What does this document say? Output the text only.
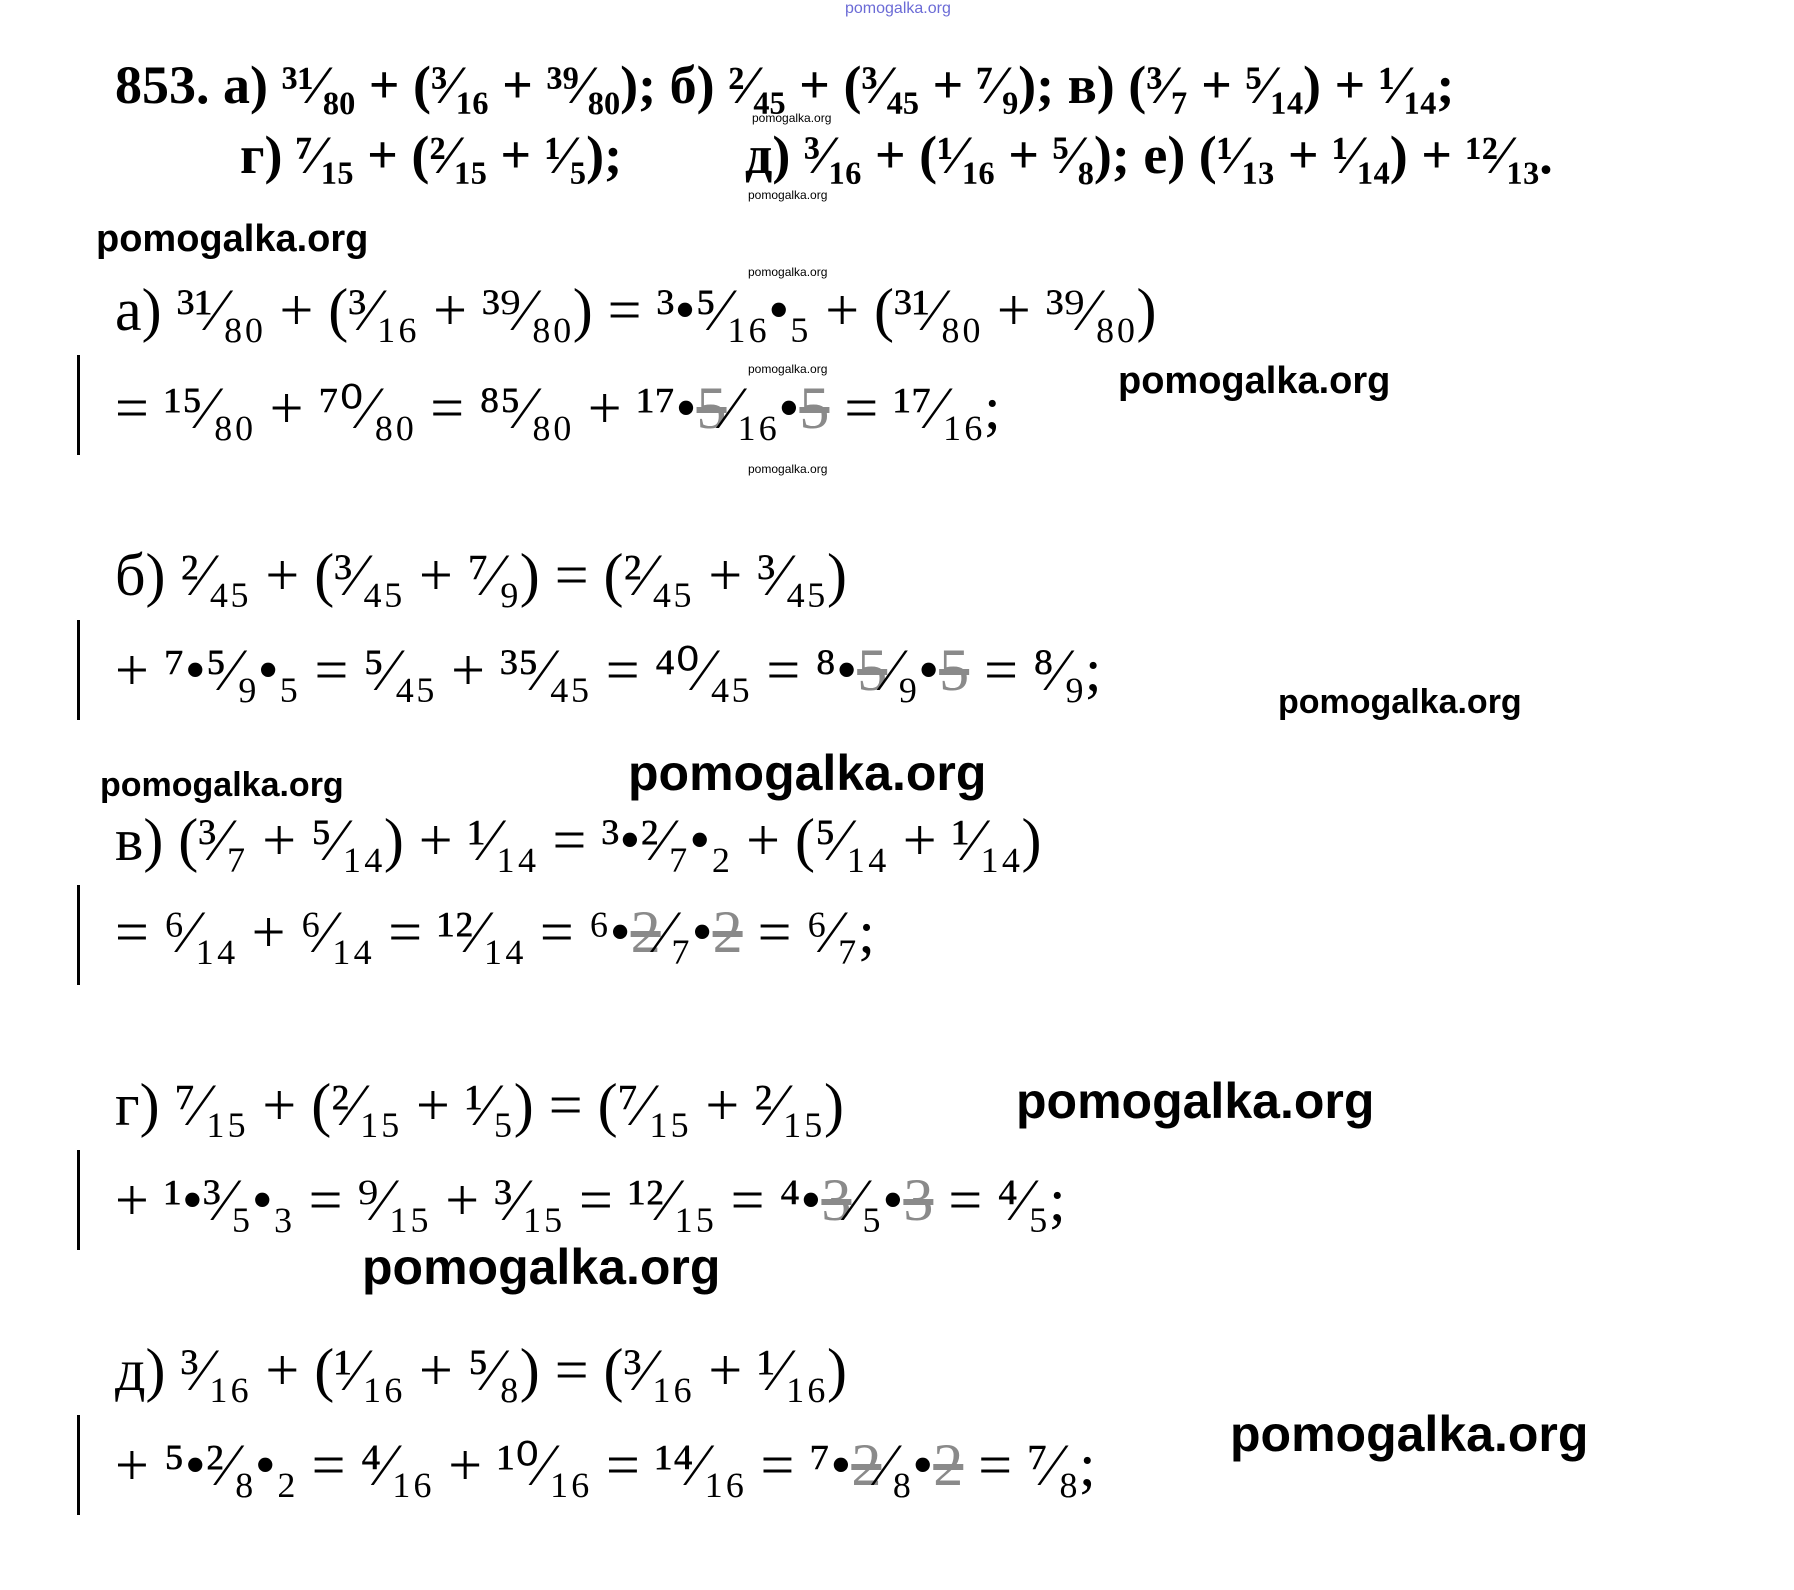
pomogalka.org
853. а) ³¹⁄₈₀ + (³⁄₁₆ + ³⁹⁄₈₀); б) ²⁄₄₅ + (³⁄₄₅ + ⁷⁄₉); в) (³⁄₇ + ⁵⁄₁₄) + ¹⁄₁₄;
г) ⁷⁄₁₅ + (²⁄₁₅ + ¹⁄₅); д) ³⁄₁₆ + (¹⁄₁₆ + ⁵⁄₈); е) (¹⁄₁₃ + ¹⁄₁₄) + ¹²⁄₁₃.
pomogalka.org
pomogalka.org
pomogalka.org
pomogalka.org
а) ³¹⁄₈₀ + (³⁄₁₆ + ³⁹⁄₈₀) = ³•⁵⁄₁₆•₅ + (³¹⁄₈₀ + ³⁹⁄₈₀)
pomogalka.org
= ¹⁵⁄₈₀ + ⁷⁰⁄₈₀ = ⁸⁵⁄₈₀ + ¹⁷•5⁄₁₆•5 = ¹⁷⁄₁₆;	pomogalka.org
pomogalka.org
б) ²⁄₄₅ + (³⁄₄₅ + ⁷⁄₉) = (²⁄₄₅ + ³⁄₄₅)
+ ⁷•⁵⁄₉•₅ = ⁵⁄₄₅ + ³⁵⁄₄₅ = ⁴⁰⁄₄₅ = ⁸•5⁄₉•5 = ⁸⁄₉;	pomogalka.org
pomogalka.org	pomogalka.org
в) (³⁄₇ + ⁵⁄₁₄) + ¹⁄₁₄ = ³•²⁄₇•₂ + (⁵⁄₁₄ + ¹⁄₁₄)
= ⁶⁄₁₄ + ⁶⁄₁₄ = ¹²⁄₁₄ = ⁶•2⁄₇•2 = ⁶⁄₇;
г) ⁷⁄₁₅ + (²⁄₁₅ + ¹⁄₅) = (⁷⁄₁₅ + ²⁄₁₅)	pomogalka.org
+ ¹•³⁄₅•₃ = ⁹⁄₁₅ + ³⁄₁₅ = ¹²⁄₁₅ = ⁴•3⁄₅•3 = ⁴⁄₅;
pomogalka.org
д) ³⁄₁₆ + (¹⁄₁₆ + ⁵⁄₈) = (³⁄₁₆ + ¹⁄₁₆)
+ ⁵•²⁄₈•₂ = ⁴⁄₁₆ + ¹⁰⁄₁₆ = ¹⁴⁄₁₆ = ⁷•2⁄₈•2 = ⁷⁄₈;	pomogalka.org
